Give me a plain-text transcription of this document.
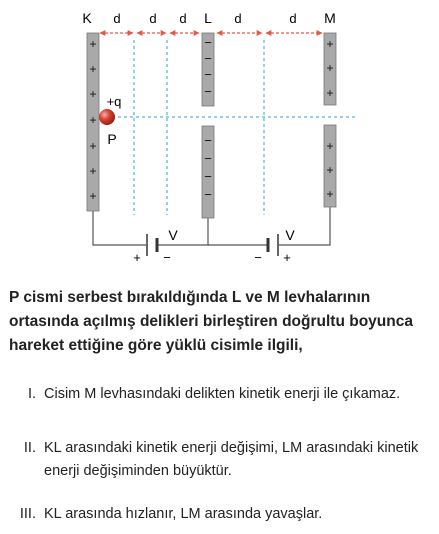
K	L	M
d d d	d	d
V
+ −
V
− +
+
+
+
+
+
+
+
−
−
−
−
−
−
−
−
+
+
+
+
+
+
+q
P

P cismi serbest bırakıldığında L ve M levhalarının ortasında açılmış delikleri birleştiren doğrultu boyunca hareket ettiğine göre yüklü cisimle ilgili,

I. Cisim M levhasındaki delikten kinetik enerji ile çıkamaz.
II. KL arasındaki kinetik enerji değişimi, LM arasındaki kinetik enerji değişiminden büyüktür.
III. KL arasında hızlanır, LM arasında yavaşlar.
